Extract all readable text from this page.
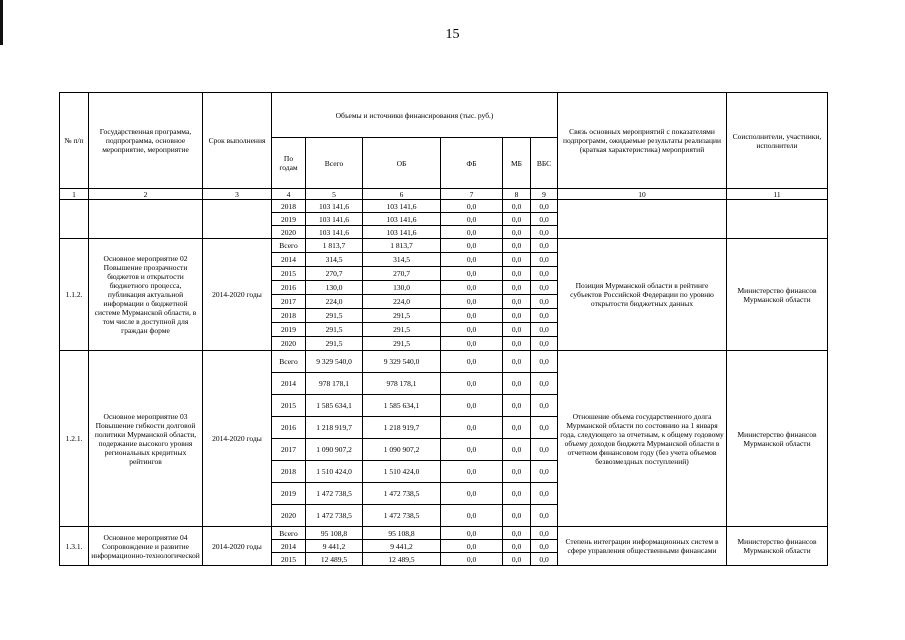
15
№ п/п	Государственная программа, подпрограмма, основное мероприятие, мероприятие	Срок выполнения	Объемы и источники финансирования (тыс. руб.)						Связь основных мероприятий с показателями подпрограмм, ожидаемые результаты реализации (краткая характеристика) мероприятий	Соисполнители, участники, исполнители
			По годам	Всего	ОБ	ФБ	МБ	ВБС		
1	2	3	4	5	6	7	8	9	10	11
			2018	103 141,6	103 141,6	0,0	0,0	0,0		
			2019	103 141,6	103 141,6	0,0	0,0	0,0		
			2020	103 141,6	103 141,6	0,0	0,0	0,0		
1.1.2.	Основное мероприятие 02 Повышение прозрачности бюджетов и открытости бюджетного процесса, публикация актуальной информации о бюджетной системе Мурманской области, в том числе в доступной для граждан форме	2014-2020 годы	Всего	1 813,7	1 813,7	0,0	0,0	0,0	Позиция Мурманской области в рейтинге субъектов Российской Федерации по уровню открытости бюджетных данных	Министерство финансов Мурманской области
			2014	314,5	314,5	0,0	0,0	0,0		
			2015	270,7	270,7	0,0	0,0	0,0		
			2016	130,0	130,0	0,0	0,0	0,0		
			2017	224,0	224,0	0,0	0,0	0,0		
			2018	291,5	291,5	0,0	0,0	0,0		
			2019	291,5	291,5	0,0	0,0	0,0		
			2020	291,5	291,5	0,0	0,0	0,0		
1.2.1.	Основное мероприятие 03 Повышение гибкости долговой политики Мурманской области, подержание высокого уровня региональных кредитных рейтингов	2014-2020 годы	Всего	9 329 540,0	9 329 540,0	0,0	0,0	0,0	Отношение объема государственного долга Мурманской области по состоянию на 1 января года, следующего за отчетным, к общему годовому объему доходов бюджета Мурманской области в отчетном финансовом году (без учета объемов безвозмездных поступлений)	Министерство финансов Мурманской области
			2014	978 178,1	978 178,1	0,0	0,0	0,0		
			2015	1 585 634,1	1 585 634,1	0,0	0,0	0,0		
			2016	1 218 919,7	1 218 919,7	0,0	0,0	0,0		
			2017	1 090 907,2	1 090 907,2	0,0	0,0	0,0		
			2018	1 510 424,0	1 510 424,0	0,0	0,0	0,0		
			2019	1 472 738,5	1 472 738,5	0,0	0,0	0,0		
			2020	1 472 738,5	1 472 738,5	0,0	0,0	0,0		
1.3.1.	Основное мероприятие 04 Сопровождение и развитие информационно-технологической	2014-2020 годы	Всего	95 108,8	95 108,8	0,0	0,0	0,0	Степень интеграции информационных систем в сфере управления общественными финансами	Министерство финансов Мурманской области
			2014	9 441,2	9 441,2	0,0	0,0	0,0		
			2015	12 489,5	12 489,5	0,0	0,0	0,0		
